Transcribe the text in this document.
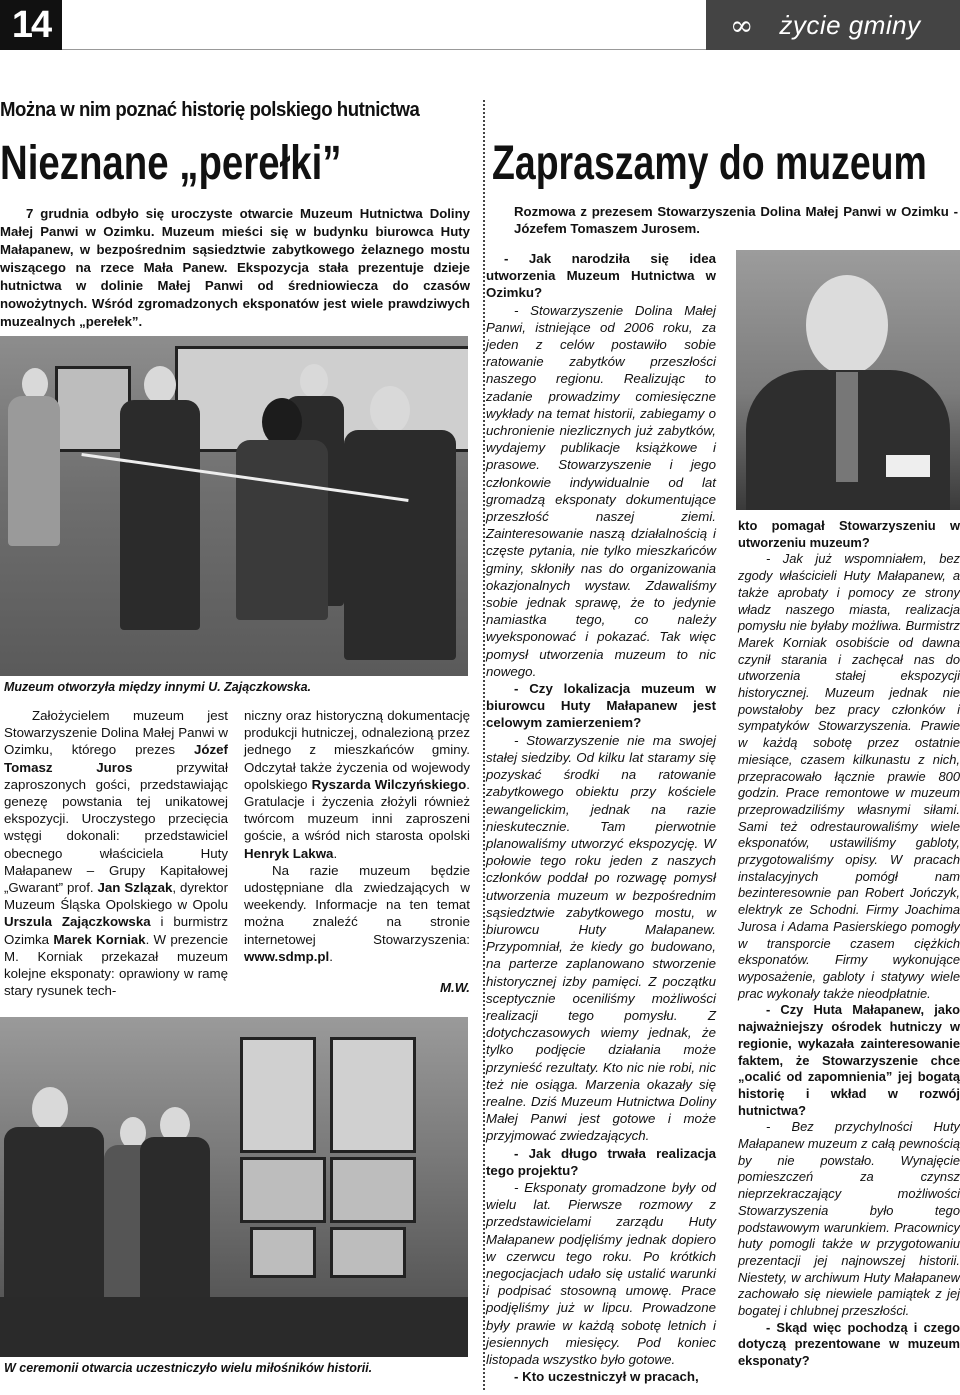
14	∞ życie gminy
Można w nim poznać historię polskiego hutnictwa
Nieznane „perełki”

7 grudnia odbyło się uroczyste otwarcie Muzeum Hutnictwa Doliny Małej Panwi w Ozimku. Muzeum mieści się w budynku biurowca Huty Małapanew, w bezpośrednim sąsiedztwie zabytkowego żelaznego mostu wiszącego na rzece Mała Panew. Ekspozycja stała prezentuje dzieje hutnictwa w dolinie Małej Panwi od średniowiecza do czasów nowożytnych. Wśród zgromadzonych eksponatów jest wiele prawdziwych muzealnych „perełek”.

Muzeum otworzyła między innymi U. Zajączkowska.

Założycielem muzeum jest Stowarzyszenie Dolina Małej Panwi w Ozimku, którego prezes Józef Tomasz Juros przywitał zaproszonych gości, przedstawiając genezę powstania tej unikatowej ekspozycji. Uroczystego przecięcia wstęgi dokonali: przedstawiciel obecnego właściciela Huty Małapanew – Grupy Kapitałowej „Gwarant” prof. Jan Szlązak, dyrektor Muzeum Śląska Opolskiego w Opolu Urszula Zajączkowska i burmistrz Ozimka Marek Korniak. W prezencie M. Korniak przekazał muzeum kolejne eksponaty: oprawiony w ramę stary rysunek tech-

niczny oraz historyczną dokumentację produkcji hutniczej, odnalezioną przez jednego z mieszkańców gminy. Odczytał także życzenia od wojewody opolskiego Ryszarda Wilczyńskiego. Gratulacje i życzenia złożyli również twórcom muzeum inni zaproszeni goście, a wśród nich starosta opolski Henryk Lakwa.

Na razie muzeum będzie udostępniane dla zwiedzających w weekendy. Informacje na ten temat można znaleźć na stronie internetowej Stowarzyszenia: www.sdmp.pl.

M.W.

W ceremonii otwarcia uczestniczyło wielu miłośników historii.
Zapraszamy do muzeum

Rozmowa z prezesem Stowarzyszenia Dolina Małej Panwi w Ozimku - Józefem Tomaszem Jurosem.

- Jak narodziła się idea utworzenia Muzeum Hutnictwa w Ozimku?

- Stowarzyszenie Dolina Małej Panwi, istniejące od 2006 roku, za jeden z celów postawiło sobie ratowanie zabytków przeszłości naszego regionu. Realizując to zadanie prowadzimy comiesięczne wykłady na temat historii, zabiegamy o uchronienie niezlicznych już zabytków, wydajemy publikacje książkowe i prasowe. Stowarzyszenie i jego członkowie indywidualnie od lat gromadzą eksponaty dokumentujące przeszłość naszej ziemi. Zainteresowanie naszą działalnością i częste pytania, nie tylko mieszkańców gminy, skłoniły nas do organizowania okazjonalnych wystaw. Zdawaliśmy sobie jednak sprawę, że to jedynie namiastka tego, co należy wyeksponować i pokazać. Tak więc pomysł utworzenia muzeum to nic nowego.

- Czy lokalizacja muzeum w biurowcu Huty Małapanew jest celowym zamierzeniem?

- Stowarzyszenie nie ma swojej stałej siedziby. Od kilku lat staramy się pozyskać środki na ratowanie zabytkowego obiektu przy kościele ewangelickim, jednak na razie nieskutecznie. Tam pierwotnie planowaliśmy utworzyć ekspozycję. W połowie tego roku jeden z naszych członków poddał po rozwagę pomysł utworzenia muzeum w bezpośrednim sąsiedztwie zabytkowego mostu, w biurowcu Huty Małapanew. Przypomniał, że kiedy go budowano, na parterze zaplanowano stworzenie historycznej izby pamięci. Z początku sceptycznie oceniliśmy możliwości realizacji tego pomysłu. Z dotychczasowych wiemy jednak, że tylko podjęcie działania może przynieść rezultaty. Kto nic nie robi, nic też nie osiąga. Marzenia okazały się realne. Dziś Muzeum Hutnictwa Doliny Małej Panwi jest gotowe i może przyjmować zwiedzających.

- Jak długo trwała realizacja tego projektu?

- Eksponaty gromadzone były od wielu lat. Pierwsze rozmowy z przedstawicielami zarządu Huty Małapanew podjęliśmy jednak dopiero w czerwcu tego roku. Po krótkich negocjacjach udało się ustalić warunki i podpisać stosowną umowę. Prace podjęliśmy już w lipcu. Prowadzone były prawie w każdą sobotę letnich i jesiennych miesięcy. Pod koniec listopada wszystko było gotowe.

- Kto uczestniczył w pracach,

kto pomagał Stowarzyszeniu w utworzeniu muzeum?

- Jak już wspomniałem, bez zgody właścicieli Huty Małapanew, a także aprobaty i pomocy ze strony władz naszego miasta, realizacja pomysłu nie byłaby możliwa. Burmistrz Marek Korniak osobiście od dawna czynił starania i zachęcał nas do utworzenia stałej ekspozycji historycznej. Muzeum jednak nie powstałoby bez pracy członków i sympatyków Stowarzyszenia. Prawie w każdą sobotę przez ostatnie miesiące, czasem kilkunastu z nich, przepracowało łącznie prawie 800 godzin. Prace remontowe w muzeum przeprowadziliśmy własnymi siłami. Sami też odrestaurowaliśmy wiele eksponatów, ustawiliśmy gabloty, przygotowaliśmy opisy. W pracach instalacyjnych pomógł nam bezinteresownie pan Robert Jończyk, elektryk ze Schodni. Firmy Joachima Jurosa i Adama Pasierskiego pomogły w transporcie czasem ciężkich eksponatów. Firmy wykonujące wyposażenie, gabloty i statywy wiele prac wykonały także nieodpłatnie.

- Czy Huta Małapanew, jako najważniejszy ośrodek hutniczy w regionie, wykazała zainteresowanie faktem, że Stowarzyszenie chce „ocalić od zapomnienia” jej bogatą historię i wkład w rozwój hutnictwa?

- Bez przychylności Huty Małapanew muzeum z całą pewnością by nie powstało. Wynajęcie pomieszczeń za czynsz nieprzekraczający możliwości Stowarzyszenia było tego podstawowym warunkiem. Pracownicy huty pomogli także w przygotowaniu prezentacji jej najnowszej historii. Niestety, w archiwum Huty Małapanew zachowało się niewiele pamiątek z jej bogatej i chlubnej przeszłości.

- Skąd więc pochodzą i czego dotyczą prezentowane w muzeum eksponaty?
